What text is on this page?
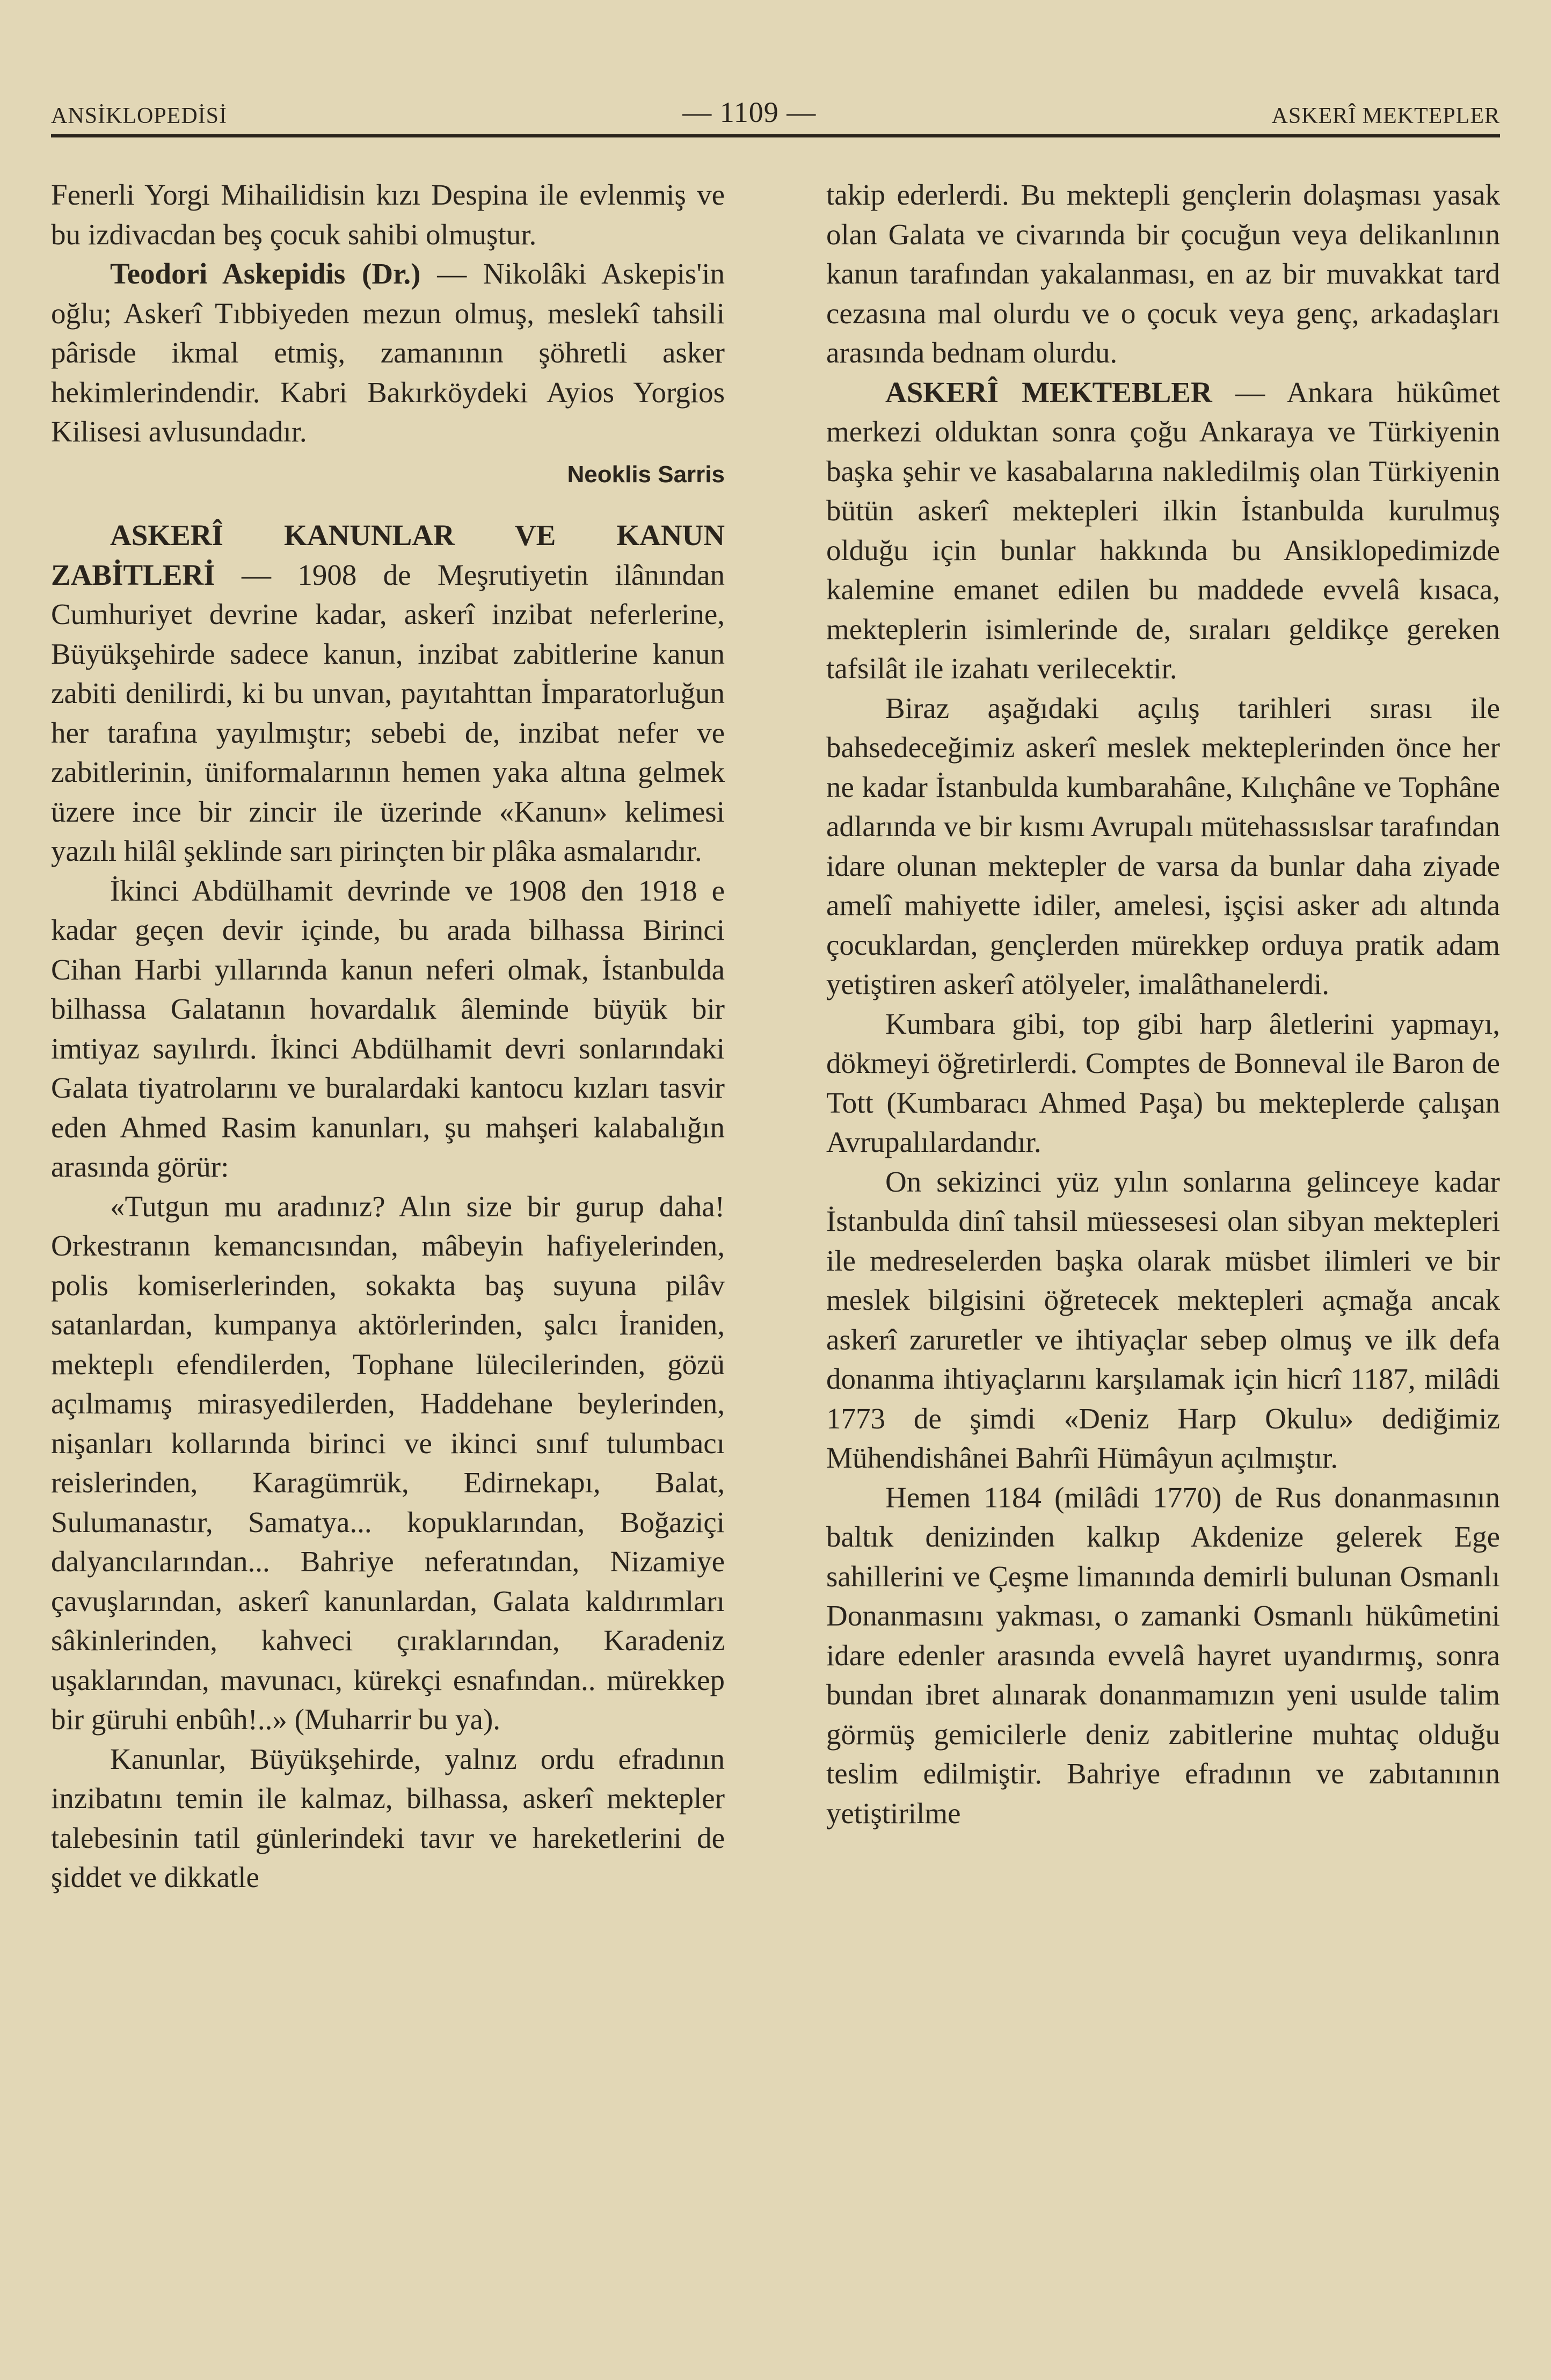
ANSİKLOPEDİSİ	— 1109 —	ASKERÎ MEKTEPLER

Fenerli Yorgi Mihailidisin kızı Despina ile evlenmiş ve bu izdivacdan beş çocuk sahibi olmuştur.

Teodori Askepidis (Dr.) — Nikolâki Askepis'in oğlu; Askerî Tıbbiyeden mezun olmuş, meslekî tahsili pârisde ikmal etmiş, zamanının şöhretli asker hekimlerindendir. Kabri Bakırköydeki Ayios Yorgios Kilisesi avlusundadır.

Neoklis Sarris

ASKERÎ KANUNLAR VE KANUN ZABİTLERİ — 1908 de Meşrutiyetin ilânından Cumhuriyet devrine kadar, askerî inzibat neferlerine, Büyükşehirde sadece kanun, inzibat zabitlerine kanun zabiti denilirdi, ki bu unvan, payıtahttan İmparatorluğun her tarafına yayılmıştır; sebebi de, inzibat nefer ve zabitlerinin, üniformalarının hemen yaka altına gelmek üzere ince bir zincir ile üzerinde «Kanun» kelimesi yazılı hilâl şeklinde sarı pirinçten bir plâka asmalarıdır.

İkinci Abdülhamit devrinde ve 1908 den 1918 e kadar geçen devir içinde, bu arada bilhassa Birinci Cihan Harbi yıllarında kanun neferi olmak, İstanbulda bilhassa Galatanın hovardalık âleminde büyük bir imtiyaz sayılırdı. İkinci Abdülhamit devri sonlarındaki Galata tiyatrolarını ve buralardaki kantocu kızları tasvir eden Ahmed Rasim kanunları, şu mahşeri kalabalığın arasında görür:

«Tutgun mu aradınız? Alın size bir gurup daha! Orkestranın kemancısından, mâbeyin hafiyelerinden, polis komiserlerinden, sokakta baş suyuna pilâv satanlardan, kumpanya aktörlerinden, şalcı İraniden, mekteplı efendilerden, Tophane lülecilerinden, gözü açılmamış mirasyedilerden, Haddehane beylerinden, nişanları kollarında birinci ve ikinci sınıf tulumbacı reislerinden, Karagümrük, Edirnekapı, Balat, Sulumanastır, Samatya... kopuklarından, Boğaziçi dalyancılarından... Bahriye neferatından, Nizamiye çavuşlarından, askerî kanunlardan, Galata kaldırımları sâkinlerinden, kahveci çıraklarından, Karadeniz uşaklarından, mavunacı, kürekçi esnafından.. mürekkep bir güruhi enbûh!..» (Muharrir bu ya).

Kanunlar, Büyükşehirde, yalnız ordu efradının inzibatını temin ile kalmaz, bilhassa, askerî mektepler talebesinin tatil günlerindeki tavır ve hareketlerini de şiddet ve dikkatle

takip ederlerdi. Bu mektepli gençlerin dolaşması yasak olan Galata ve civarında bir çocuğun veya delikanlının kanun tarafından yakalanması, en az bir muvakkat tard cezasına mal olurdu ve o çocuk veya genç, arkadaşları arasında bednam olurdu.

ASKERÎ MEKTEBLER — Ankara hükûmet merkezi olduktan sonra çoğu Ankaraya ve Türkiyenin başka şehir ve kasabalarına nakledilmiş olan Türkiyenin bütün askerî mektepleri ilkin İstanbulda kurulmuş olduğu için bunlar hakkında bu Ansiklopedimizde kalemine emanet edilen bu maddede evvelâ kısaca, mekteplerin isimlerinde de, sıraları geldikçe gereken tafsilât ile izahatı verilecektir.

Biraz aşağıdaki açılış tarihleri sırası ile bahsedeceğimiz askerî meslek mekteplerinden önce her ne kadar İstanbulda kumbarahâne, Kılıçhâne ve Tophâne adlarında ve bir kısmı Avrupalı mütehassıslsar tarafından idare olunan mektepler de varsa da bunlar daha ziyade amelî mahiyette idiler, amelesi, işçisi asker adı altında çocuklardan, gençlerden mürekkep orduya pratik adam yetiştiren askerî atölyeler, imalâthanelerdi.

Kumbara gibi, top gibi harp âletlerini yapmayı, dökmeyi öğretirlerdi. Comptes de Bonneval ile Baron de Tott (Kumbaracı Ahmed Paşa) bu mekteplerde çalışan Avrupalılardandır.

On sekizinci yüz yılın sonlarına gelinceye kadar İstanbulda dinî tahsil müessesesi olan sibyan mektepleri ile medreselerden başka olarak müsbet ilimleri ve bir meslek bilgisini öğretecek mektepleri açmağa ancak askerî zaruretler ve ihtiyaçlar sebep olmuş ve ilk defa donanma ihtiyaçlarını karşılamak için hicrî 1187, milâdi 1773 de şimdi «Deniz Harp Okulu» dediğimiz Mühendishânei Bahrîi Hümâyun açılmıştır.

Hemen 1184 (milâdi 1770) de Rus donanmasının baltık denizinden kalkıp Akdenize gelerek Ege sahillerini ve Çeşme limanında demirli bulunan Osmanlı Donanmasını yakması, o zamanki Osmanlı hükûmetini idare edenler arasında evvelâ hayret uyandırmış, sonra bundan ibret alınarak donanmamızın yeni usulde talim görmüş gemicilerle deniz zabitlerine muhtaç olduğu teslim edilmiştir. Bahriye efradının ve zabıtanının yetiştirilme
